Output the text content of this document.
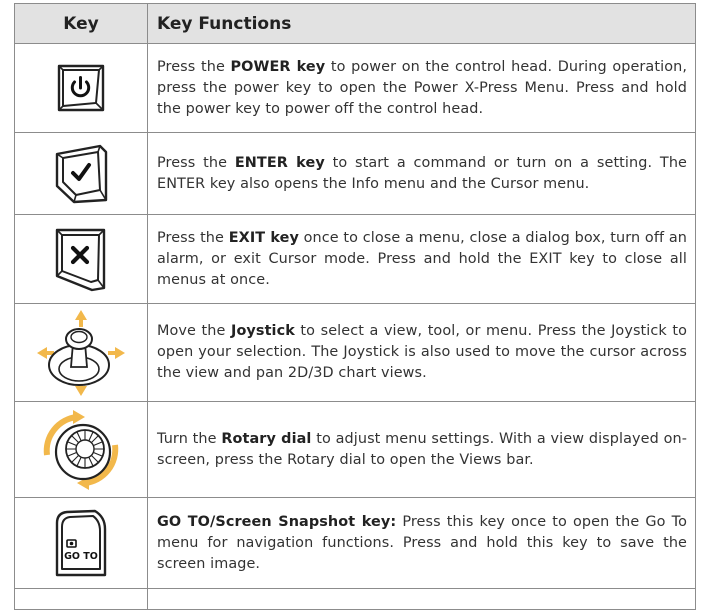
Key	Key Functions
Press the POWER key to power on the control head. During operation, press the power key to open the Power X-Press Menu. Press and hold the power key to power off the control head.
Press the ENTER key to start a command or turn on a setting. The ENTER key also opens the Info menu and the Cursor menu.
Press the EXIT key once to close a menu, close a dialog box, turn off an alarm, or exit Cursor mode. Press and hold the EXIT key to close all menus at once.
Move the Joystick to select a view, tool, or menu. Press the Joystick to open your selection. The Joystick is also used to move the cursor across the view and pan 2D/3D chart views.
Turn the Rotary dial to adjust menu settings. With a view displayed on-screen, press the Rotary dial to open the Views bar.
GO TO
GO TO/Screen Snapshot key: Press this key once to open the Go To menu for navigation functions. Press and hold this key to save the screen image.
